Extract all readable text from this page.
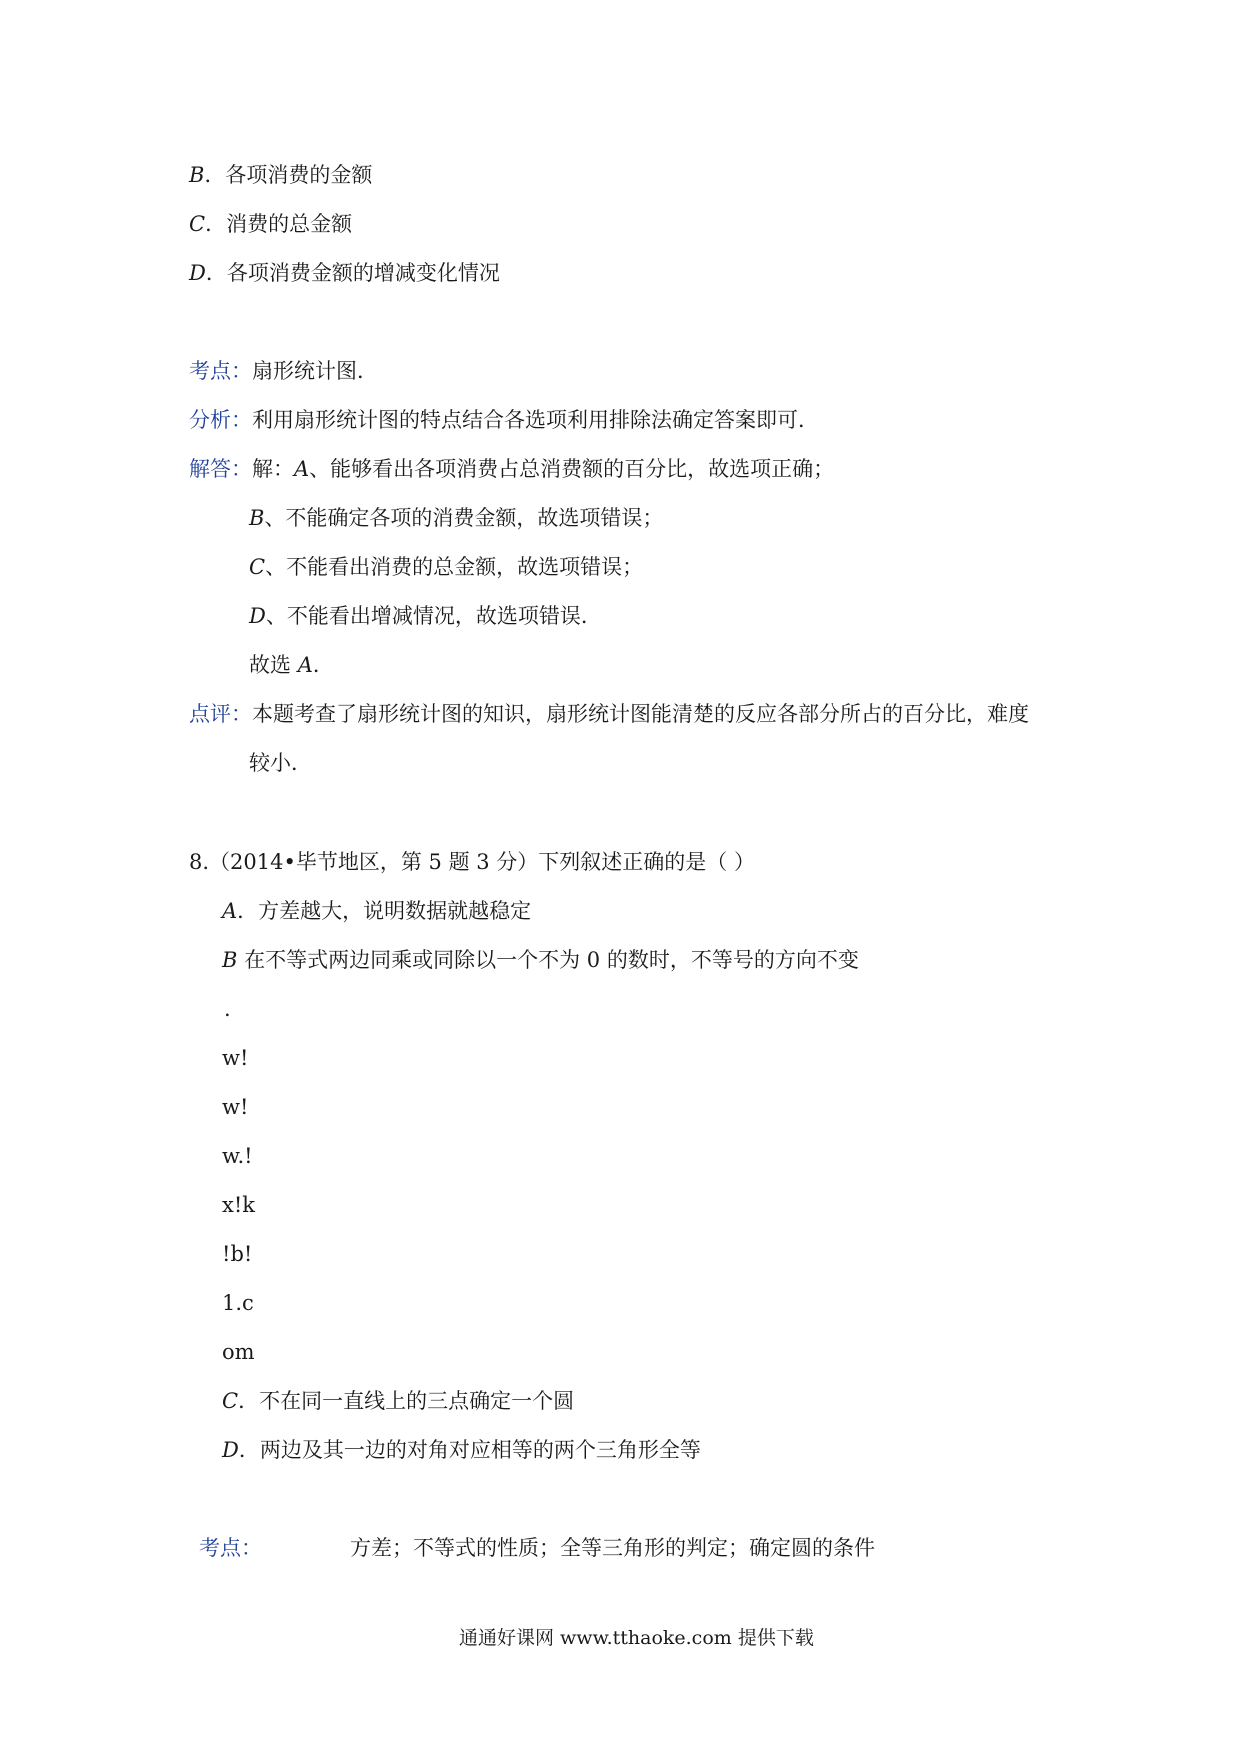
B．各项消费的金额
C．消费的总金额
D．各项消费金额的增减变化情况
考点：扇形统计图．
分析：利用扇形统计图的特点结合各选项利用排除法确定答案即可．
解答：解：A、能够看出各项消费占总消费额的百分比，故选项正确；
B、不能确定各项的消费金额，故选项错误；
C、不能看出消费的总金额，故选项错误；
D、不能看出增减情况，故选项错误．
故选 A．
点评：本题考查了扇形统计图的知识，扇形统计图能清楚的反应各部分所占的百分比，难度
较小．
8.（2014•毕节地区，第 5 题 3 分）下列叙述正确的是（ ）
A．方差越大，说明数据就越稳定
B 在不等式两边同乘或同除以一个不为 0 的数时，不等号的方向不变
.
w!
w!
w.!
x!k
!b!
1.c
om
C．不在同一直线上的三点确定一个圆
D．两边及其一边的对角对应相等的两个三角形全等
考点：	方差；不等式的性质；全等三角形的判定；确定圆的条件
通通好课网 www.tthaoke.com 提供下载
